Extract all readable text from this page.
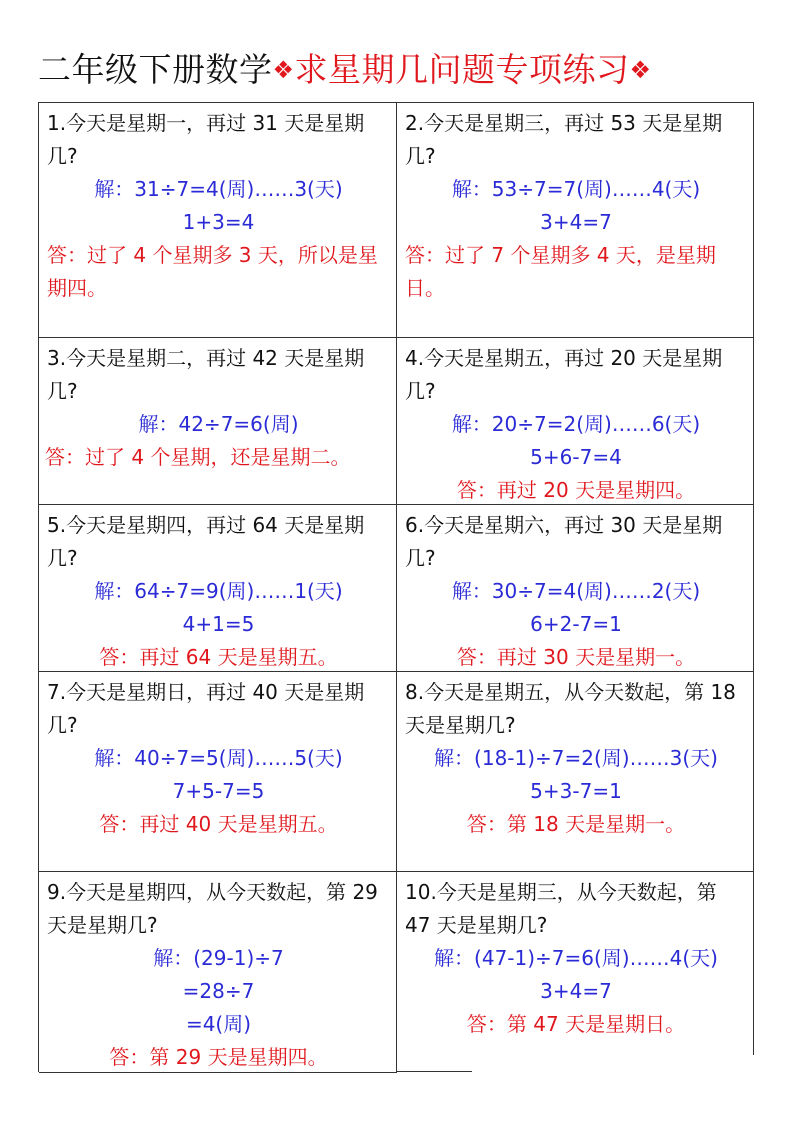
二年级下册数学❖求星期几问题专项练习❖
1.今天是星期一，再过 31 天是星期几?
解：31÷7=4(周)……3(天)
1+3=4
答：过了 4 个星期多 3 天，所以是星期四。
2.今天是星期三，再过 53 天是星期几?
解：53÷7=7(周)……4(天)
3+4=7
答：过了 7 个星期多 4 天，是星期日。
3.今天是星期二，再过 42 天是星期几?
解：42÷7=6(周)
答：过了 4 个星期，还是星期二。
4.今天是星期五，再过 20 天是星期几?
解：20÷7=2(周)……6(天)
5+6-7=4
答：再过 20 天是星期四。
5.今天是星期四，再过 64 天是星期几?
解：64÷7=9(周)……1(天)
4+1=5
答：再过 64 天是星期五。
6.今天是星期六，再过 30 天是星期几?
解：30÷7=4(周)……2(天)
6+2-7=1
答：再过 30 天是星期一。
7.今天是星期日，再过 40 天是星期几?
解：40÷7=5(周)……5(天)
7+5-7=5
答：再过 40 天是星期五。
8.今天是星期五，从今天数起，第 18 天是星期几?
解：(18-1)÷7=2(周)……3(天)
5+3-7=1
答：第 18 天是星期一。
9.今天是星期四，从今天数起，第 29 天是星期几?
解：(29-1)÷7
=28÷7
=4(周)
答：第 29 天是星期四。
10.今天是星期三，从今天数起，第 47 天是星期几?
解：(47-1)÷7=6(周)……4(天)
3+4=7
答：第 47 天是星期日。
